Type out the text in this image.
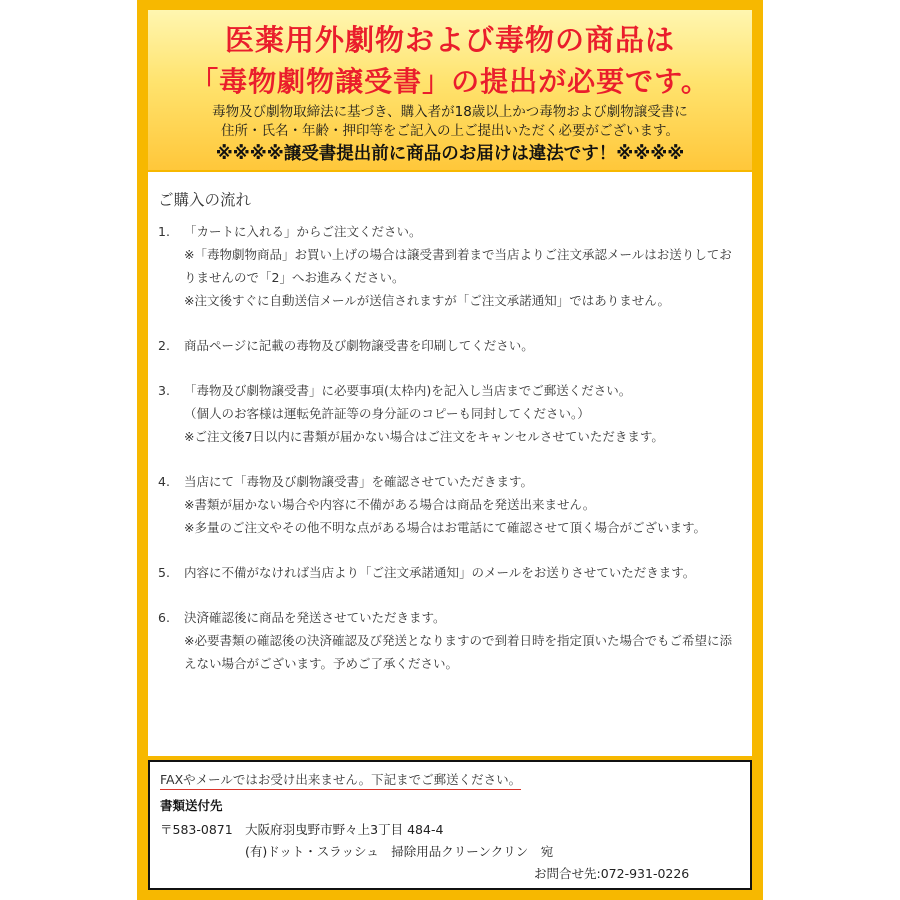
医薬用外劇物および毒物の商品は
「毒物劇物譲受書」の提出が必要です。
毒物及び劇物取締法に基づき、購入者が18歳以上かつ毒物および劇物譲受書に
住所・氏名・年齢・押印等をご記入の上ご提出いただく必要がございます。
※※※※譲受書提出前に商品のお届けは違法です！※※※※
ご購入の流れ
1. 「カートに入れる」からご注文ください。
※「毒物劇物商品」お買い上げの場合は譲受書到着まで当店よりご注文承認メールはお送りしておりませんので「2」へお進みください。
※注文後すぐに自動送信メールが送信されますが「ご注文承諾通知」ではありません。
2. 商品ページに記載の毒物及び劇物譲受書を印刷してください。
3. 「毒物及び劇物譲受書」に必要事項(太枠内)を記入し当店までご郵送ください。
（個人のお客様は運転免許証等の身分証のコピーも同封してください。）
※ご注文後7日以内に書類が届かない場合はご注文をキャンセルさせていただきます。
4. 当店にて「毒物及び劇物譲受書」を確認させていただきます。
※書類が届かない場合や内容に不備がある場合は商品を発送出来ません。
※多量のご注文やその他不明な点がある場合はお電話にて確認させて頂く場合がございます。
5. 内容に不備がなければ当店より「ご注文承諾通知」のメールをお送りさせていただきます。
6. 決済確認後に商品を発送させていただきます。
※必要書類の確認後の決済確認及び発送となりますので到着日時を指定頂いた場合でもご希望に添えない場合がございます。予めご了承ください。
FAXやメールではお受け出来ません。下記までご郵送ください。
書類送付先
〒583-0871　大阪府羽曳野市野々上3丁目 484-4
(有)ドット・スラッシュ　掃除用品クリーンクリン　宛
お問合せ先:072-931-0226
